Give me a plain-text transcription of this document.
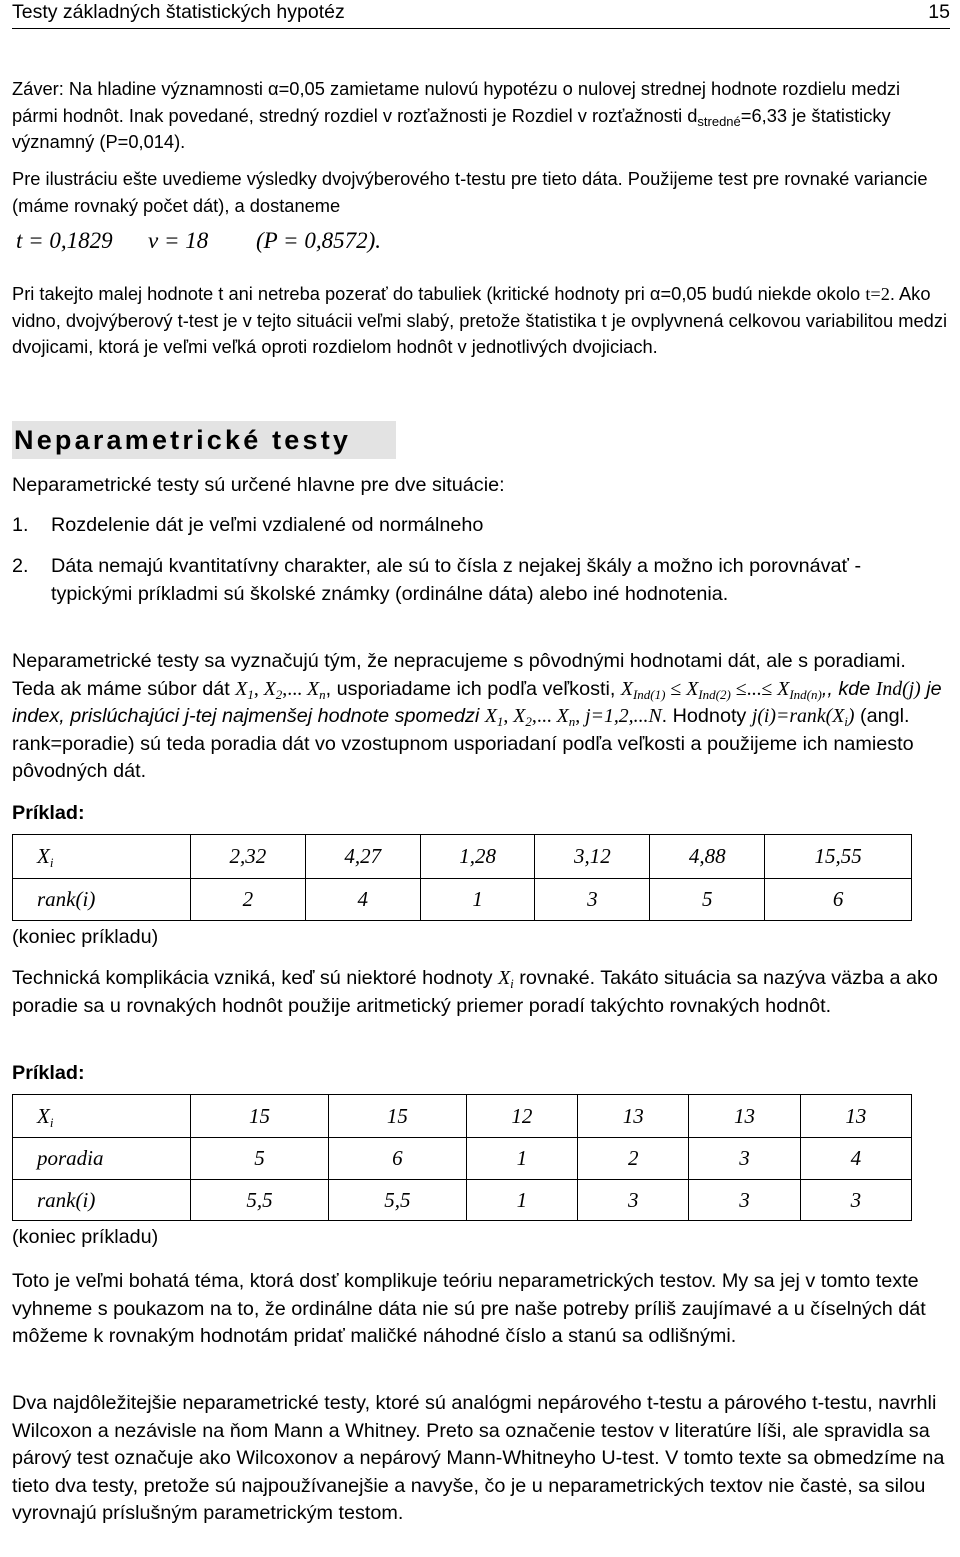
Testy základných štatistických hypotéz	15
Záver: Na hladine významnosti α=0,05 zamietame nulovú hypotézu o nulovej strednej hodnote rozdielu medzi pármi hodnôt. Inak povedané, stredný rozdiel v rozťažnosti je Rozdiel v rozťažnosti $d_{stredné}=6,33$ je štatisticky významný (P=0,014).
Pre ilustráciu ešte uvedieme výsledky dvojvýberového t-testu pre tieto dáta. Použijeme test pre rovnaké variancie (máme rovnaký počet dát), a dostaneme
t = 0,1829 ν = 18 (P = 0,8572).
Pri takejto malej hodnote t ani netreba pozerať do tabuliek (kritické hodnoty pri α=0,05 budú niekde okolo t=2. Ako vidno, dvojvýberový t-test je v tejto situácii veľmi slabý, pretože štatistika t je ovplyvnená celkovou variabilitou medzi dvojicami, ktorá je veľmi veľká oproti rozdielom hodnôt v jednotlivých dvojiciach.
Neparametrické testy
Neparametrické testy sú určené hlavne pre dve situácie:
1. Rozdelenie dát je veľmi vzdialené od normálneho
2. Dáta nemajú kvantitatívny charakter, ale sú to čísla z nejakej škály a možno ich porovnávať - typickými príkladmi sú školské známky (ordinálne dáta) alebo iné hodnotenia.
Neparametrické testy sa vyznačujú tým, že nepracujeme s pôvodnými hodnotami dát, ale s poradiami. Teda ak máme súbor dát $X_1$, $X_2$,... $X_n$, usporiadame ich podľa veľkosti, $X_{Ind(1)} \le X_{Ind(2)}$ ≤...≤ $X_{Ind(n)}$,, kde Ind(j) je index, prislúchajúci j-tej najmenšej hodnote spomedzi $X_1$, $X_2$,... $X_n$, j=1,2,...N. Hodnoty $j(i)=rank(X_i)$ (angl. rank=poradie) sú teda poradia dát vo vzostupnom usporiadaní podľa veľkosti a použijeme ich namiesto pôvodných dát.
Príklad:
$X_i$	2,32	4,27	1,28	3,12	4,88	15,55
rank(i)	2	4	1	3	5	6
(koniec príkladu)
Technická komplikácia vzniká, keď sú niektoré hodnoty $X_i$ rovnaké. Takáto situácia sa nazýva väzba a ako poradie sa u rovnakých hodnôt použije aritmetický priemer poradí takýchto rovnakých hodnôt.
Príklad:
$X_i$	15	15	12	13	13	13
poradia	5	6	1	2	3	4
rank(i)	5,5	5,5	1	3	3	3
(koniec príkladu)
Toto je veľmi bohatá téma, ktorá dosť komplikuje teóriu neparametrických testov. My sa jej v tomto texte vyhneme s poukazom na to, že ordinálne dáta nie sú pre naše potreby príliš zaujímavé a u číselných dát môžeme k rovnakým hodnotám pridať maličké náhodné číslo a stanú sa odlišnými.
Dva najdôležitejšie neparametrické testy, ktoré sú analógmi nepárového t-testu a párového t-testu, navrhli Wilcoxon a nezávisle na ňom Mann a Whitney. Preto sa označenie testov v literatúre líši, ale spravidla sa párový test označuje ako Wilcoxonov a nepárový Mann-Whitneyho U-test. V tomto texte sa obmedzíme na tieto dva testy, pretože sú najpoužívanejšie a navyše, čo je u neparametrických textov nie častė, sa silou vyrovnajú príslušným parametrickým testom.
